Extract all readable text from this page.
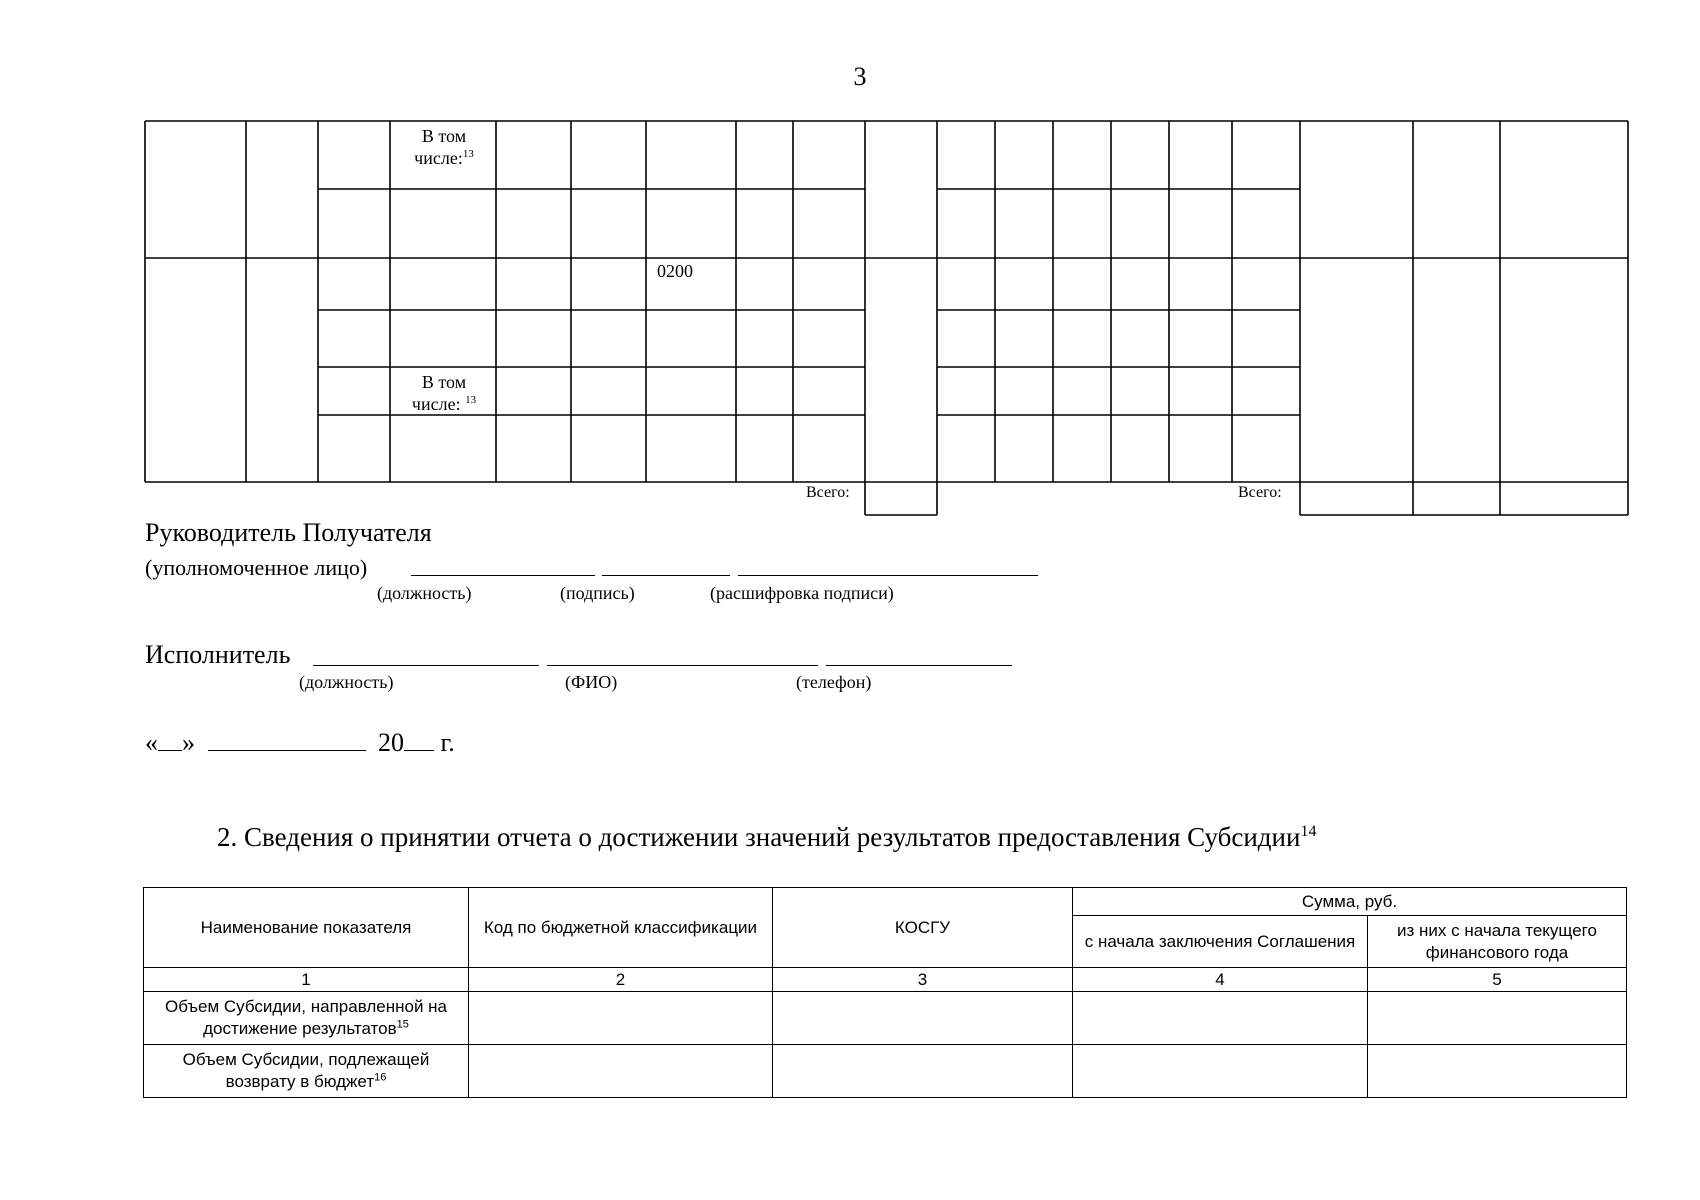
3
В том
числе:$^{13}$
0200
В том
числе: $^{13}$
Всего:	Всего:
Руководитель Получателя
(уполномоченное лицо)
(должность)	(подпись)	(расшифровка подписи)
Исполнитель
(должность)	(ФИО)	(телефон)
« »	20 г.
2. Сведения о принятии отчета о достижении значений результатов предоставления Субсидии$^{14}$
Наименование показателя	Код по бюджетной классификации	КОСГУ	Сумма, руб.	
			с начала заключения Соглашения	из них с начала текущего финансового года
1	2	3	4	5
Объем Субсидии, направленной на достижение результатов$^{15}$				
Объем Субсидии, подлежащей возврату в бюджет$^{16}$				
